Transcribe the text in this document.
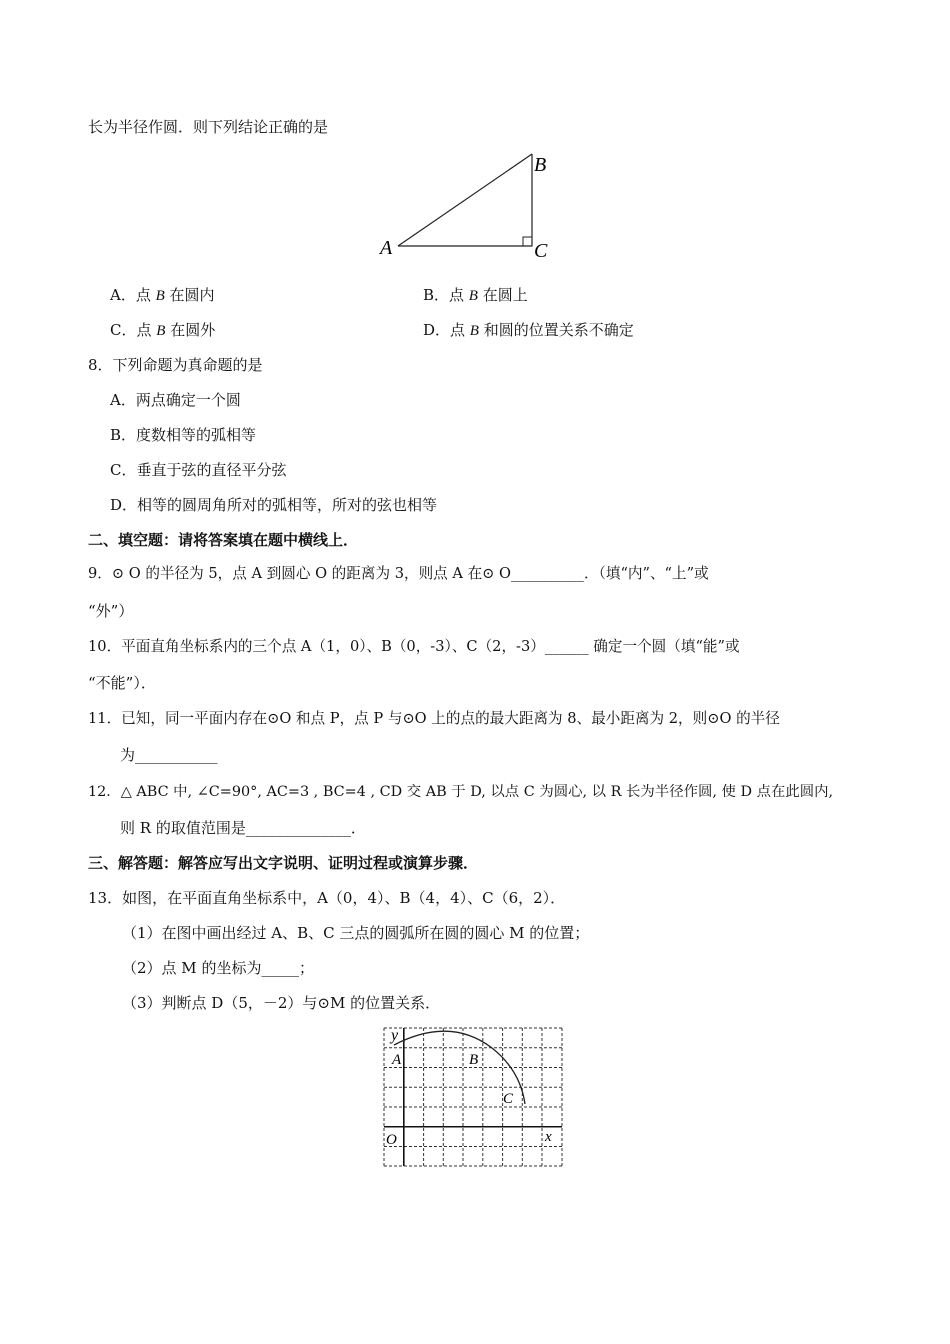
长为半径作圆．则下列结论正确的是
A
B
C
A．点 B 在圆内	B．点 B 在圆上
C．点 B 在圆外	D．点 B 和圆的位置关系不确定
8．下列命题为真命题的是
A．两点确定一个圆
B．度数相等的弧相等
C．垂直于弦的直径平分弦
D．相等的圆周角所对的弧相等，所对的弦也相等
二、填空题：请将答案填在题中横线上．
9．⊙ O 的半径为 5，点 A 到圆心 O 的距离为 3，则点 A 在⊙ O__________．（填“内”、“上”或
“外”）
10．平面直角坐标系内的三个点 A（1，0）、B（0，-3）、C（2，-3）______ 确定一个圆（填“能”或
“不能”）．
11．已知，同一平面内存在⊙O 和点 P，点 P 与⊙O 上的点的最大距离为 8、最小距离为 2，则⊙O 的半径
为___________
12．△ ABC 中, ∠C=90°, AC=3 , BC=4 , CD 交 AB 于 D, 以点 C 为圆心, 以 R 长为半径作圆, 使 D 点在此圆内,
则 R 的取值范围是______________．
三、解答题：解答应写出文字说明、证明过程或演算步骤．
13．如图，在平面直角坐标系中，A（0，4）、B（4，4）、C（6，2）．
（1）在图中画出经过 A、B、C 三点的圆弧所在圆的圆心 M 的位置；
（2）点 M 的坐标为_____；
（3）判断点 D（5，－2）与⊙M 的位置关系．
y
A	B
C
O	x
